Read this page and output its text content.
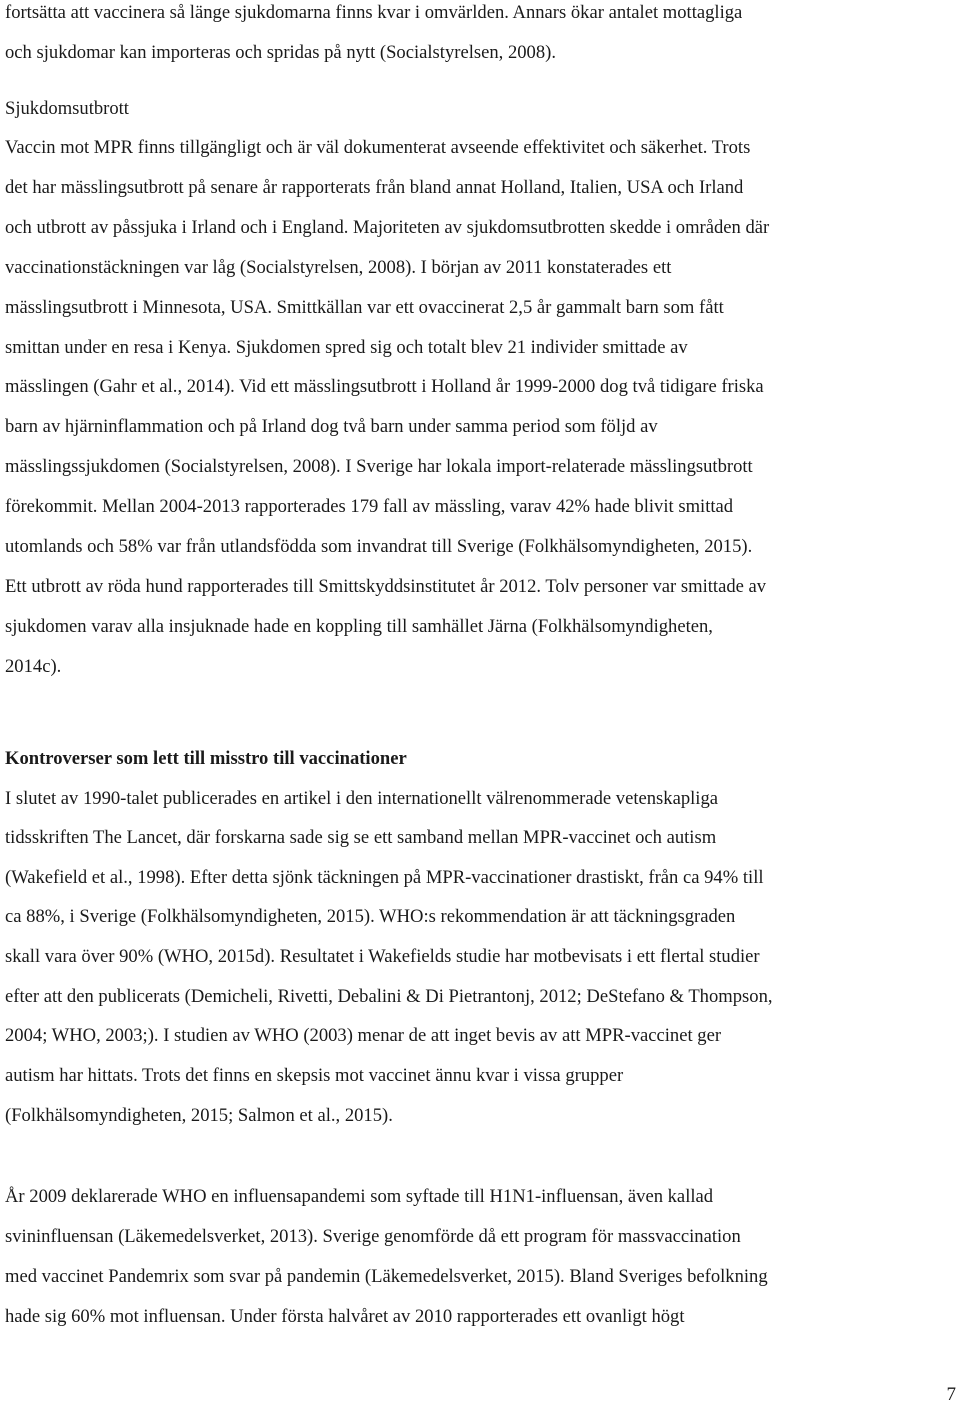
fortsätta att vaccinera så länge sjukdomarna finns kvar i omvärlden. Annars ökar antalet mottagliga
och sjukdomar kan importeras och spridas på nytt (Socialstyrelsen, 2008).
Sjukdomsutbrott
Vaccin mot MPR finns tillgängligt och är väl dokumenterat avseende effektivitet och säkerhet. Trots
det har mässlingsutbrott på senare år rapporterats från bland annat Holland, Italien, USA och Irland
och utbrott av påssjuka i Irland och i England. Majoriteten av sjukdomsutbrotten skedde i områden där
vaccinationstäckningen var låg (Socialstyrelsen, 2008). I början av 2011 konstaterades ett
mässlingsutbrott i Minnesota, USA. Smittkällan var ett ovaccinerat 2,5 år gammalt barn som fått
smittan under en resa i Kenya. Sjukdomen spred sig och totalt blev 21 individer smittade av
mässlingen (Gahr et al., 2014). Vid ett mässlingsutbrott i Holland år 1999-2000 dog två tidigare friska
barn av hjärninflammation och på Irland dog två barn under samma period som följd av
mässlingssjukdomen (Socialstyrelsen, 2008). I Sverige har lokala import-relaterade mässlingsutbrott
förekommit. Mellan 2004-2013 rapporterades 179 fall av mässling, varav 42% hade blivit smittad
utomlands och 58% var från utlandsfödda som invandrat till Sverige (Folkhälsomyndigheten, 2015).
Ett utbrott av röda hund rapporterades till Smittskyddsinstitutet år 2012. Tolv personer var smittade av
sjukdomen varav alla insjuknade hade en koppling till samhället Järna (Folkhälsomyndigheten,
2014c).
Kontroverser som lett till misstro till vaccinationer
I slutet av 1990-talet publicerades en artikel i den internationellt välrenommerade vetenskapliga
tidsskriften The Lancet, där forskarna sade sig se ett samband mellan MPR-vaccinet och autism
(Wakefield et al., 1998). Efter detta sjönk täckningen på MPR-vaccinationer drastiskt, från ca 94% till
ca 88%, i Sverige (Folkhälsomyndigheten, 2015). WHO:s rekommendation är att täckningsgraden
skall vara över 90% (WHO, 2015d). Resultatet i Wakefields studie har motbevisats i ett flertal studier
efter att den publicerats (Demicheli, Rivetti, Debalini & Di Pietrantonj, 2012; DeStefano & Thompson,
2004; WHO, 2003;). I studien av WHO (2003) menar de att inget bevis av att MPR-vaccinet ger
autism har hittats. Trots det finns en skepsis mot vaccinet ännu kvar i vissa grupper
(Folkhälsomyndigheten, 2015; Salmon et al., 2015).
År 2009 deklarerade WHO en influensapandemi som syftade till H1N1-influensan, även kallad
svininfluensan (Läkemedelsverket, 2013). Sverige genomförde då ett program för massvaccination
med vaccinet Pandemrix som svar på pandemin (Läkemedelsverket, 2015). Bland Sveriges befolkning
hade sig 60% mot influensan. Under första halvåret av 2010 rapporterades ett ovanligt högt
7
